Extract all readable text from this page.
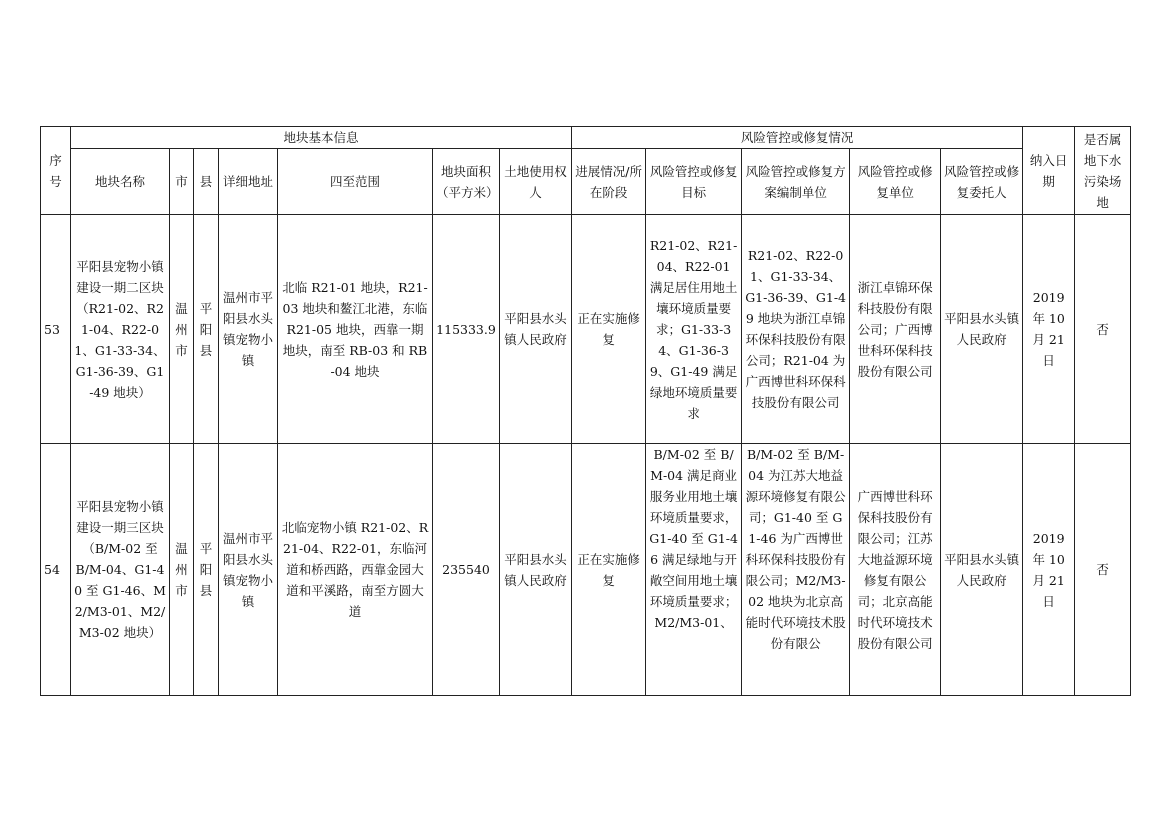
序号	地块基本信息							风险管控或修复情况					纳入日期	是否属地下水污染场地
	地块名称	市	县	详细地址	四至范围	地块面积（平方米）	土地使用权人	进展情况/所在阶段	风险管控或修复目标	风险管控或修复方案编制单位	风险管控或修复单位	风险管控或修复委托人		
53	平阳县宠物小镇建设一期二区块（R21-02、R21-04、R22-01、G1-33-34、G1-36-39、G1-49 地块）	温州市	平阳县	温州市平阳县水头镇宠物小镇	北临 R21-01 地块，R21-03 地块和鳌江北港，东临 R21-05 地块，西靠一期地块，南至 RB-03 和 RB-04 地块	115333.9	平阳县水头镇人民政府	正在实施修复	R21-02、R21-04、R22-01 满足居住用地土壤环境质量要求；G1-33-34、G1-36-39、G1-49 满足绿地环境质量要求	R21-02、R22-01、G1-33-34、G1-36-39、G1-49 地块为浙江卓锦环保科技股份有限公司；R21-04 为广西博世科环保科技股份有限公司	浙江卓锦环保科技股份有限公司；广西博世科环保科技股份有限公司	平阳县水头镇人民政府	2019 年 10 月 21 日	否
54	平阳县宠物小镇建设一期三区块（B/M-02 至 B/M-04、G1-40 至 G1-46、M2/M3-01、M2/M3-02 地块）	温州市	平阳县	温州市平阳县水头镇宠物小镇	北临宠物小镇 R21-02、R21-04、R22-01，东临河道和桥西路，西靠金园大道和平溪路，南至方圆大道	235540	平阳县水头镇人民政府	正在实施修复	B/M-02 至 B/M-04 满足商业服务业用地土壤环境质量要求，G1-40 至 G1-46 满足绿地与开敞空间用地土壤环境质量要求；M2/M3-01、	B/M-02 至 B/M-04 为江苏大地益源环境修复有限公司；G1-40 至 G1-46 为广西博世科环保科技股份有限公司；M2/M3-02 地块为北京高能时代环境技术股份有限公	广西博世科环保科技股份有限公司；江苏大地益源环境修复有限公司；北京高能时代环境技术股份有限公司	平阳县水头镇人民政府	2019 年 10 月 21 日	否
